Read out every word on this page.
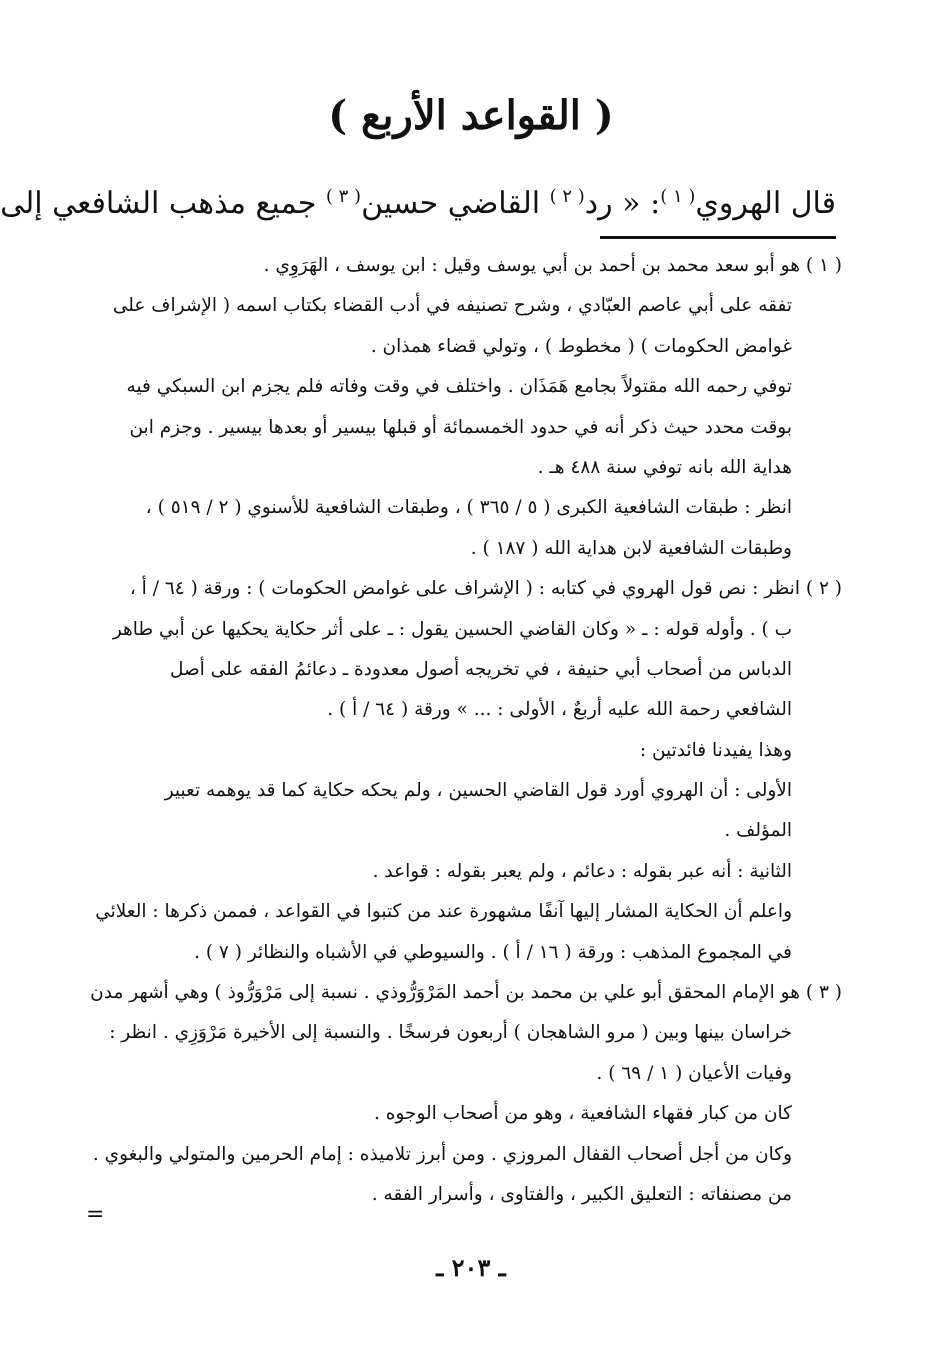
( القواعد الأربع )
قال الهروي$^{( ١ )}$: « رد$^{( ٢ )}$ القاضي حسين$^{( ٣ )}$ جميع مذهب الشافعي إلى
( ١ ) هو أبو سعد محمد بن أحمد بن أبي يوسف وقيل : ابن يوسف ، الهَرَوِي .
تفقه على أبي عاصم العبّادي ، وشرح تصنيفه في أدب القضاء بكتاب اسمه ( الإشراف على
غوامض الحكومات ) ( مخطوط ) ، وتولي قضاء همذان .
توفي رحمه الله مقتولاً بجامع هَمَذَان . واختلف في وقت وفاته فلم يجزم ابن السبكي فيه
بوقت محدد حيث ذكر أنه في حدود الخمسمائة أو قبلها بيسير أو بعدها بيسير . وجزم ابن
هداية الله بانه توفي سنة ٤٨٨ هـ .
انظر : طبقات الشافعية الكبرى ( ٥ / ٣٦٥ ) ، وطبقات الشافعية للأسنوي ( ٢ / ٥١٩ ) ،
وطبقات الشافعية لابن هداية الله ( ١٨٧ ) .
( ٢ ) انظر : نص قول الهروي في كتابه : ( الإشراف على غوامض الحكومات ) : ورقة ( ٦٤ / أ ،
ب ) . وأوله قوله : ـ « وكان القاضي الحسين يقول : ـ على أثر حكاية يحكيها عن أبي طاهر
الدباس من أصحاب أبي حنيفة ، في تخريجه أصول معدودة ـ دعائمُ الفقه على أصل
الشافعي رحمة الله عليه أربعٌ ، الأولى : ... » ورقة ( ٦٤ / أ ) .
وهذا يفيدنا فائدتين :
الأولى : أن الهروي أورد قول القاضي الحسين ، ولم يحكه حكاية كما قد يوهمه تعبير
المؤلف .
الثانية : أنه عبر بقوله : دعائم ، ولم يعبر بقوله : قواعد .
واعلم أن الحكاية المشار إليها آنفًا مشهورة عند من كتبوا في القواعد ، فممن ذكرها : العلائي
في المجموع المذهب : ورقة ( ١٦ / أ ) . والسيوطي في الأشباه والنظائر ( ٧ ) .
( ٣ ) هو الإمام المحقق أبو علي بن محمد بن أحمد المَرْوَرُّوذي . نسبة إلى مَرْوَرُّوذ ) وهي أشهر مدن
خراسان بينها وبين ( مرو الشاهجان ) أربعون فرسخًا . والنسبة إلى الأخيرة مَرْوَزِي . انظر :
وفيات الأعيان ( ١ / ٦٩ ) .
كان من كبار فقهاء الشافعية ، وهو من أصحاب الوجوه .
وكان من أجل أصحاب القفال المروزي . ومن أبرز تلاميذه : إمام الحرمين والمتولي والبغوي .
من مصنفاته : التعليق الكبير ، والفتاوى ، وأسرار الفقه .
=
ـ ٢٠٣ ـ
